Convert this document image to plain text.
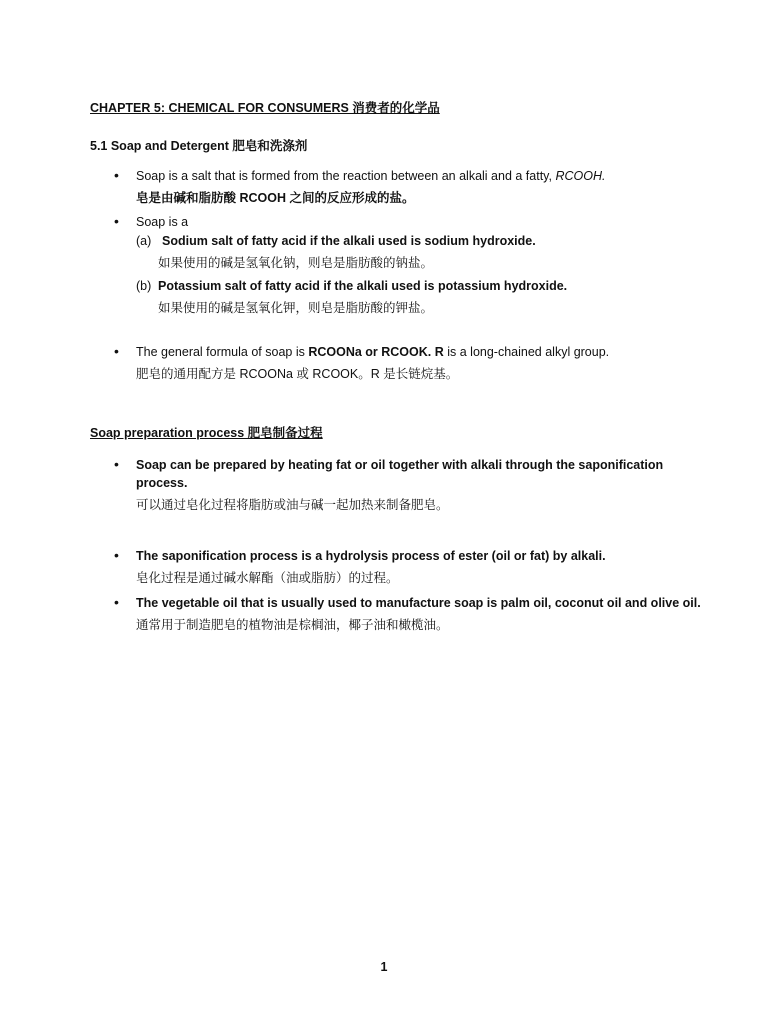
CHAPTER 5: CHEMICAL FOR CONSUMERS 消费者的化学品
5.1 Soap and Detergent 肥皂和洗涤剂
• Soap is a salt that is formed from the reaction between an alkali and a fatty, RCOOH.
皂是由碱和脂肪酸 RCOOH 之间的反应形成的盐。
• Soap is a
(a) Sodium salt of fatty acid if the alkali used is sodium hydroxide.
如果使用的碱是氢氧化钠，则皂是脂肪酸的钠盐。
(b) Potassium salt of fatty acid if the alkali used is potassium hydroxide.
如果使用的碱是氢氧化钾，则皂是脂肪酸的钾盐。
• The general formula of soap is RCOONa or RCOOK. R is a long-chained alkyl group.
肥皂的通用配方是 RCOONa 或 RCOOK。R 是长链烷基。
Soap preparation process 肥皂制备过程
• Soap can be prepared by heating fat or oil together with alkali through the saponification
process.
可以通过皂化过程将脂肪或油与碱一起加热来制备肥皂。
• The saponification process is a hydrolysis process of ester (oil or fat) by alkali.
皂化过程是通过碱水解酯（油或脂肪）的过程。
• The vegetable oil that is usually used to manufacture soap is palm oil, coconut oil and olive oil.
通常用于制造肥皂的植物油是棕榈油，椰子油和橄榄油。
1
